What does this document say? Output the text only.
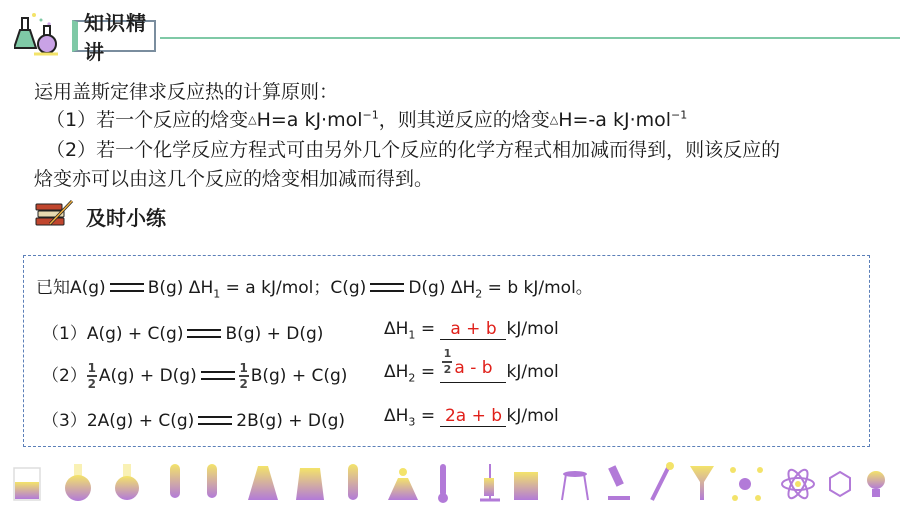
知识精讲
运用盖斯定律求反应热的计算原则：
（1）若一个反应的焓变△H=a kJ·mol$^{-1}$，则其逆反应的焓变△H=-a kJ·mol$^{-1}$
（2）若一个化学反应方程式可由另外几个反应的化学方程式相加减而得到，则该反应的
焓变亦可以由这几个反应的焓变相加减而得到。
及时小练
已知A(g) B(g) $\Delta H_1 = a$ kJ/mol；C(g) D(g) $\Delta H_2 = b$ kJ/mol。
（1）A(g) + C(g) B(g) + D(g)	$\Delta H_1 = a + b$ kJ/mol
$(2) \frac{1}{2} A(g) + D(g)$	$\frac{1}{2} B(g) + C(g) \Delta H_2$ =
1
2 a - b kJ/mol
（3）2A(g) + C(g) 2B(g) + D(g) $\Delta H_3 = 2a + b$ kJ/mol
